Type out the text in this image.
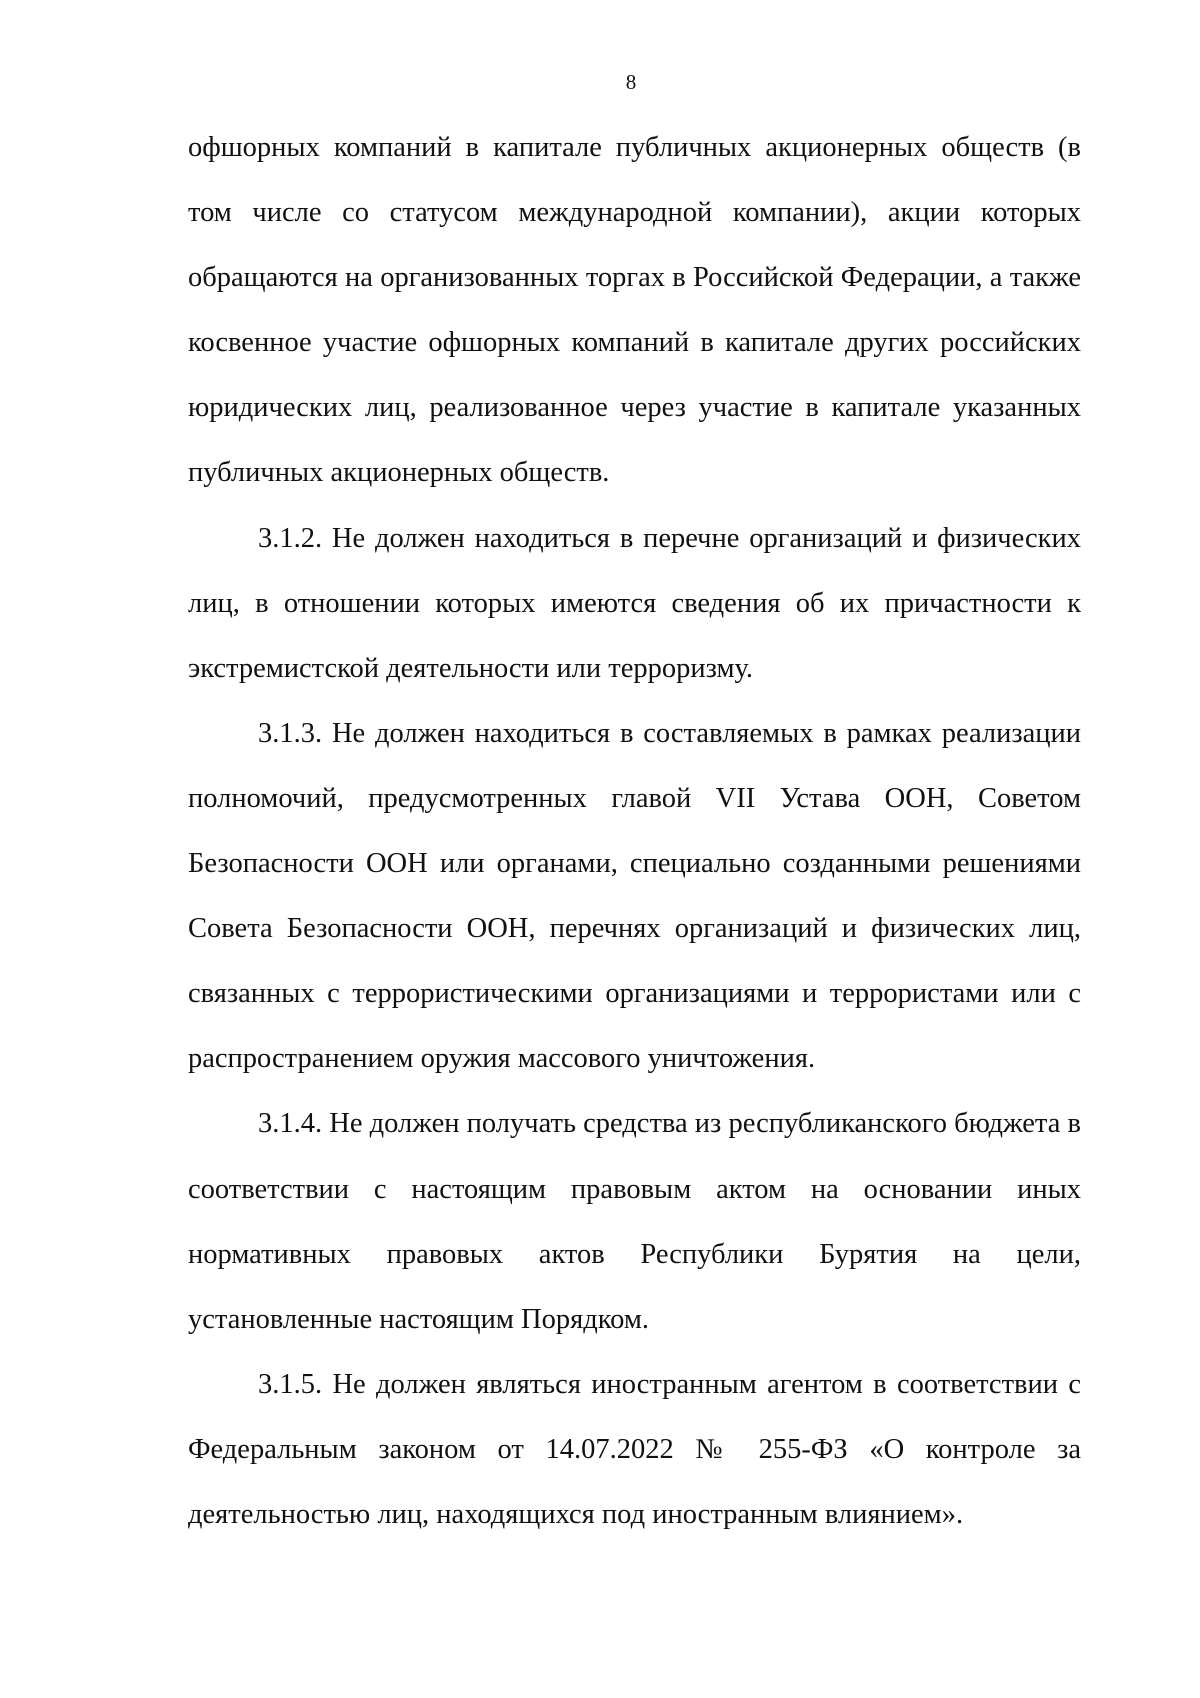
8

офшорных компаний в капитале публичных акционерных обществ (в том числе со статусом международной компании), акции которых обращаются на организованных торгах в Российской Федерации, а также косвенное участие офшорных компаний в капитале других российских юридических лиц, реализованное через участие в капитале указанных публичных акционерных обществ.

3.1.2. Не должен находиться в перечне организаций и физических лиц, в отношении которых имеются сведения об их причастности к экстремистской деятельности или терроризму.

3.1.3. Не должен находиться в составляемых в рамках реализации полномочий, предусмотренных главой VII Устава ООН, Советом Безопасности ООН или органами, специально созданными решениями Совета Безопасности ООН, перечнях организаций и физических лиц, связанных с террористическими организациями и террористами или с распространением оружия массового уничтожения.

3.1.4. Не должен получать средства из республиканского бюджета в соответствии с настоящим правовым актом на основании иных нормативных правовых актов Республики Бурятия на цели, установленные настоящим Порядком.

3.1.5. Не должен являться иностранным агентом в соответствии с Федеральным законом от 14.07.2022 № 255-ФЗ «О контроле за деятельностью лиц, находящихся под иностранным влиянием».
